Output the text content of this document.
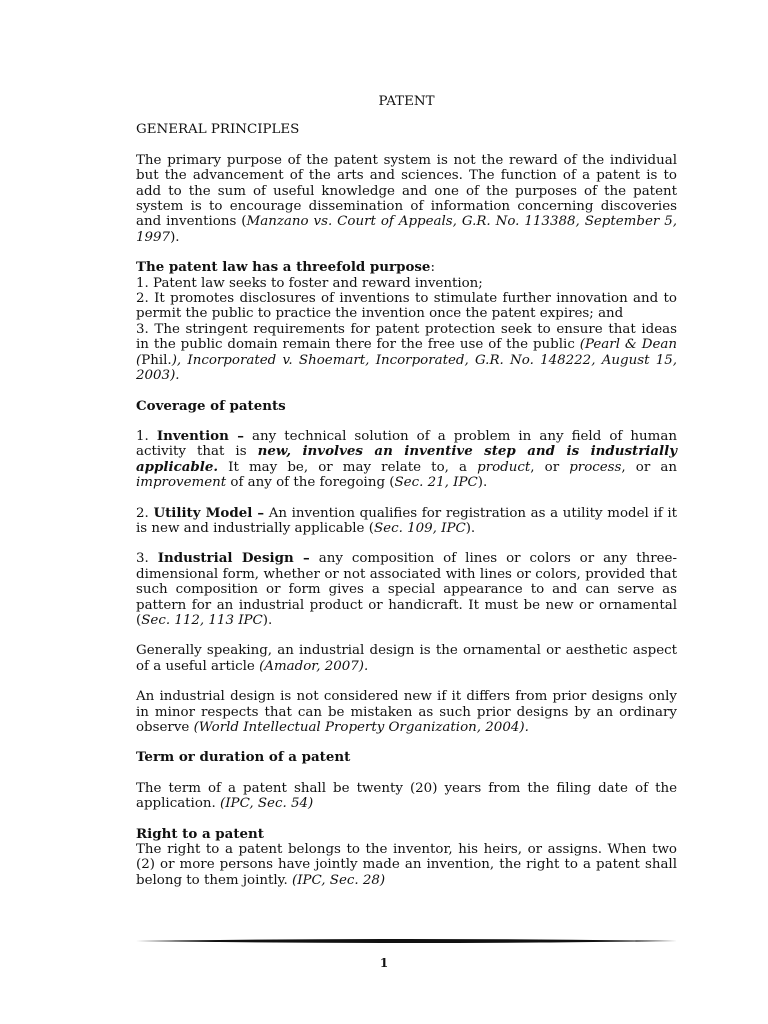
PATENT
GENERAL PRINCIPLES
The primary purpose of the patent system is not the reward of the individual but the advancement of the arts and sciences. The function of a patent is to add to the sum of useful knowledge and one of the purposes of the patent system is to encourage dissemination of information concerning discoveries and inventions (Manzano vs. Court of Appeals, G.R. No. 113388, September 5, 1997).
The patent law has a threefold purpose:
1. Patent law seeks to foster and reward invention;
2. It promotes disclosures of inventions to stimulate further innovation and to permit the public to practice the invention once the patent expires; and
3. The stringent requirements for patent protection seek to ensure that ideas in the public domain remain there for the free use of the public (Pearl & Dean (Phil.), Incorporated v. Shoemart, Incorporated, G.R. No. 148222, August 15, 2003).
Coverage of patents
1. Invention – any technical solution of a problem in any field of human activity that is new, involves an inventive step and is industrially applicable. It may be, or may relate to, a product, or process, or an improvement of any of the foregoing (Sec. 21, IPC).
2. Utility Model – An invention qualifies for registration as a utility model if it is new and industrially applicable (Sec. 109, IPC).
3. Industrial Design – any composition of lines or colors or any three-dimensional form, whether or not associated with lines or colors, provided that such composition or form gives a special appearance to and can serve as pattern for an industrial product or handicraft. It must be new or ornamental (Sec. 112, 113 IPC).
Generally speaking, an industrial design is the ornamental or aesthetic aspect of a useful article (Amador, 2007).
An industrial design is not considered new if it differs from prior designs only in minor respects that can be mistaken as such prior designs by an ordinary observe (World Intellectual Property Organization, 2004).
Term or duration of a patent
The term of a patent shall be twenty (20) years from the filing date of the application. (IPC, Sec. 54)
Right to a patent
The right to a patent belongs to the inventor, his heirs, or assigns. When two (2) or more persons have jointly made an invention, the right to a patent shall belong to them jointly. (IPC, Sec. 28)
1
